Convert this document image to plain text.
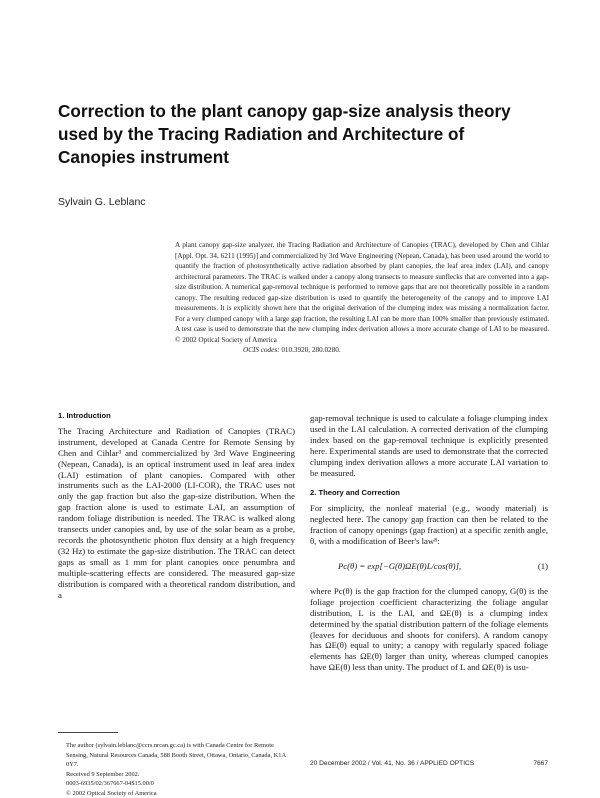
Correction to the plant canopy gap-size analysis theory used by the Tracing Radiation and Architecture of Canopies instrument
Sylvain G. Leblanc

A plant canopy gap-size analyzer, the Tracing Radiation and Architecture of Canopies (TRAC), developed by Chen and Cihlar [Appl. Opt. 34, 6211 (1995)] and commercialized by 3rd Wave Engineering (Nepean, Canada), has been used around the world to quantify the fraction of photosynthetically active radiation absorbed by plant canopies, the leaf area index (LAI), and canopy architectural parameters. The TRAC is walked under a canopy along transects to measure sunflecks that are converted into a gap-size distribution. A numerical gap-removal technique is performed to remove gaps that are not theoretically possible in a random canopy. The resulting reduced gap-size distribution is used to quantify the heterogeneity of the canopy and to improve LAI measurements. It is explicitly shown here that the original derivation of the clumping index was missing a normalization factor. For a very clumped canopy with a large gap fraction, the resulting LAI can be more than 100% smaller than previously estimated. A test case is used to demonstrate that the new clumping index derivation allows a more accurate change of LAI to be measured. © 2002 Optical Society of America

OCIS codes: 010.3920, 280.0280.

1. Introduction

The Tracing Architecture and Radiation of Canopies (TRAC) instrument, developed at Canada Centre for Remote Sensing by Chen and Cihlar³ and commercialized by 3rd Wave Engineering (Nepean, Canada), is an optical instrument used in leaf area index (LAI) estimation of plant canopies. Compared with other instruments such as the LAI-2000 (LI-COR), the TRAC uses not only the gap fraction but also the gap-size distribution. When the gap fraction alone is used to estimate LAI, an assumption of random foliage distribution is needed. The TRAC is walked along transects under canopies and, by use of the solar beam as a probe, records the photosynthetic photon flux density at a high frequency (32 Hz) to estimate the gap-size distribution. The TRAC can detect gaps as small as 1 mm for plant canopies once penumbra and multiple-scattering effects are considered. The measured gap-size distribution is compared with a theoretical random distribution, and a

gap-removal technique is used to calculate a foliage clumping index used in the LAI calculation. A corrected derivation of the clumping index based on the gap-removal technique is explicitly presented here. Experimental stands are used to demonstrate that the corrected clumping index derivation allows a more accurate LAI variation to be measured.

2. Theory and Correction

For simplicity, the nonleaf material (e.g., woody material) is neglected here. The canopy gap fraction can then be related to the fraction of canopy openings (gap fraction) at a specific zenith angle, θ, with a modification of Beer's law⁸:

Pc(θ) = exp[−G(θ)ΩE(θ)L/cos(θ)],	(1)

where Pc(θ) is the gap fraction for the clumped canopy, G(θ) is the foliage projection coefficient characterizing the foliage angular distribution, L is the LAI, and ΩE(θ) is a clumping index determined by the spatial distribution pattern of the foliage elements (leaves for deciduous and shoots for conifers). A random canopy has ΩE(θ) equal to unity; a canopy with regularly spaced foliage elements has ΩE(θ) larger than unity, whereas clumped canopies have ΩE(θ) less than unity. The product of L and ΩE(θ) is usu-

The author (sylvain.leblanc@ccrs.nrcan.gc.ca) is with Canada Centre for Remote Sensing, Natural Resources Canada, 588 Booth Street, Ottawa, Ontario, Canada, K1A 0Y7.

Received 9 September 2002.

0003-6935/02/367667-04$15.00/0

© 2002 Optical Society of America

20 December 2002 / Vol. 41, No. 36 / APPLIED OPTICS	7667
